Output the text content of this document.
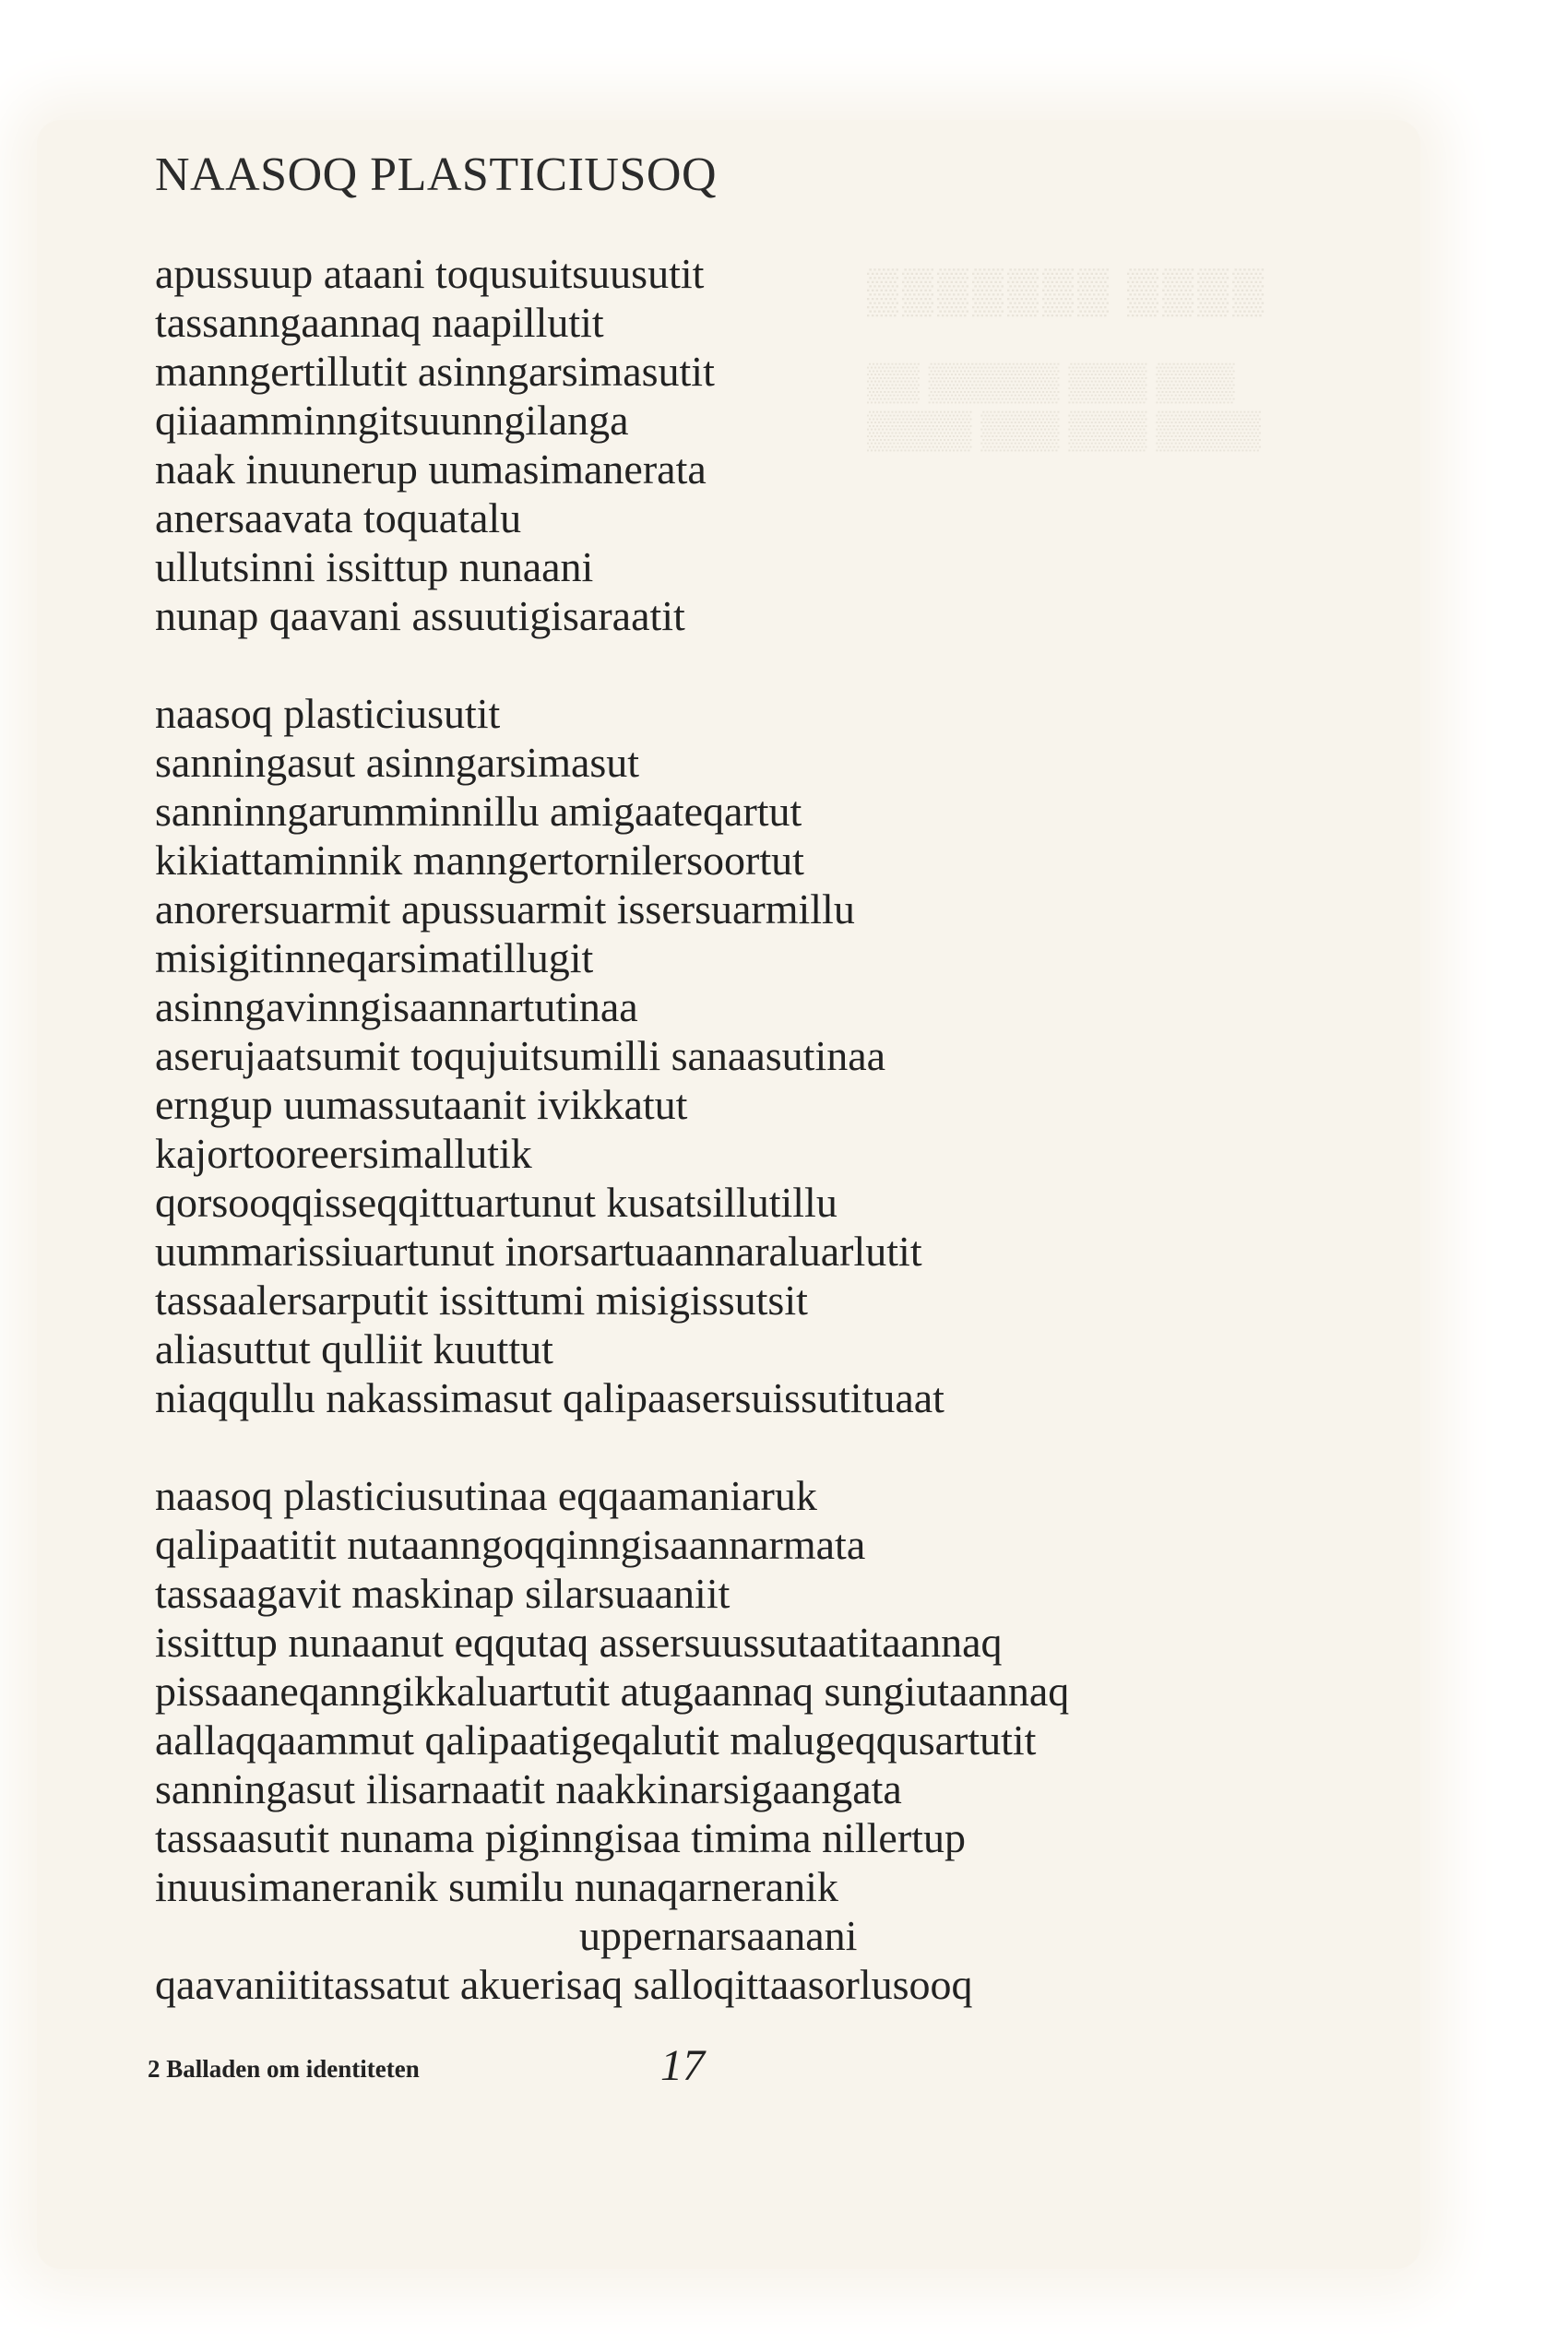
▒▒▒▒▒▒▒ ▒▒▒▒
▒▒ ▒▒▒▒▒ ▒▒▒ ▒▒▒
▒▒▒▒ ▒▒▒ ▒▒▒ ▒▒▒▒
NAASOQ PLASTICIUSOQ
apussuup ataani toqusuitsuusutit
tassanngaannaq naapillutit
manngertillutit asinngarsimasutit
qiiaamminngitsuunngilanga
naak inuunerup uumasimanerata
anersaavata toquatalu
ullutsinni issittup nunaani
nunap qaavani assuutigisaraatit
naasoq plasticiusutit
sanningasut asinngarsimasut
sanninngarumminnillu amigaateqartut
kikiattaminnik manngertornilersoortut
anorersuarmit apussuarmit issersuarmillu
misigitinneqarsimatillugit
asinngavinngisaannartutinaa
aserujaatsumit toqujuitsumilli sanaasutinaa
erngup uumassutaanit ivikkatut
kajortooreersimallutik
qorsooqqisseqqittuartunut kusatsillutillu
uummarissiuartunut inorsartuaannaraluarlutit
tassaalersarputit issittumi misigissutsit
aliasuttut qulliit kuuttut
niaqqullu nakassimasut qalipaasersuissutituaat
naasoq plasticiusutinaa eqqaamaniaruk
qalipaatitit nutaanngoqqinngisaannarmata
tassaagavit maskinap silarsuaaniit
issittup nunaanut eqqutaq assersuussutaatitaannaq
pissaaneqanngikkaluartutit atugaannaq sungiutaannaq
aallaqqaammut qalipaatigeqalutit malugeqqusartutit
sanningasut ilisarnaatit naakkinarsigaangata
tassaasutit nunama piginngisaa timima nillertup
inuusimaneranik sumilu nunaqarneranik
uppernarsaanani
qaavaniititassatut akuerisaq salloqittaasorlusooq
2 Balladen om identiteten	17
